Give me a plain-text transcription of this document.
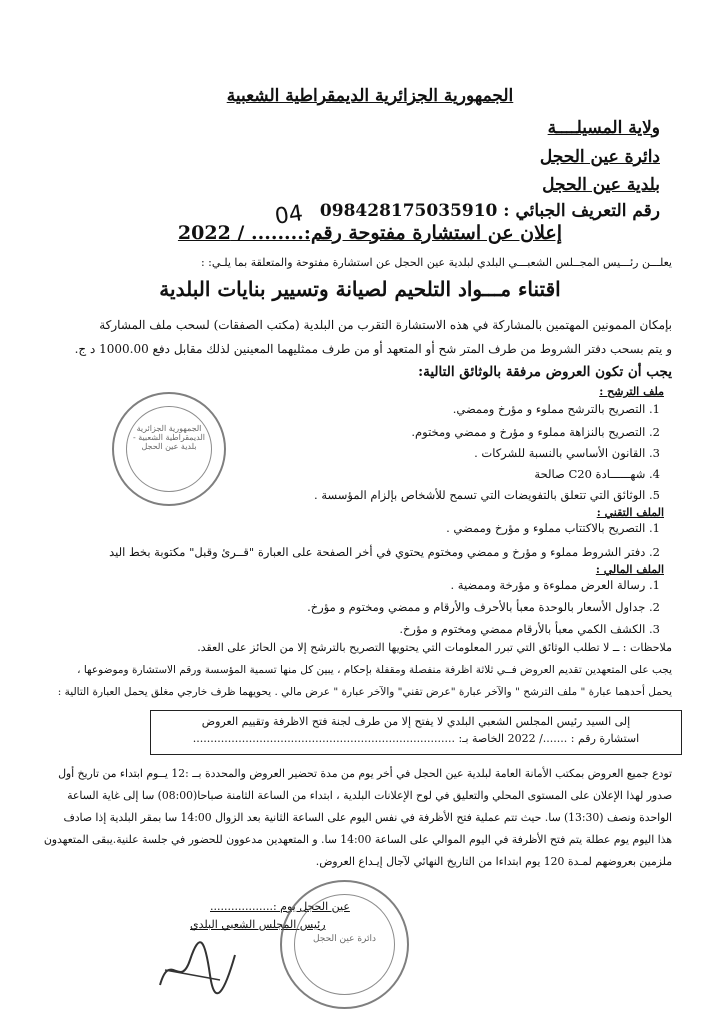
الجمهورية الجزائرية الديمقراطية الشعبية
ولاية المسيلــــة
دائرة عين الحجل
بلدية عين الحجل
رقم التعريف الجبائي : 098428175035910
04
إعلان عن استشارة مفتوحة رقم:........ / 2022
يعلـــن رئـــيس المجــلس الشعبـــي البلدي لبلدية عين الحجل عن استشارة مفتوحة والمتعلقة بما يلـي: :
اقتناء مـــواد التلحيم لصيانة وتسيير بنايات البلدية
بإمكان الممونين المهتمين بالمشاركة في هذه الاستشارة التقرب من البلدية (مكتب الصفقات) لسحب ملف المشاركة
و يتم بسحب دفتر الشروط من طرف المتر شح أو المتعهد أو من طرف ممثليهما المعينين لذلك مقابل دفع 1000.00 د ج.
يجب أن تكون العروض مرفقة بالوثائق التالية:
ملف الترشح :
1. التصريح بالترشح مملوء و مؤرخ وممضي.
2. التصريح بالنزاهة مملوء و مؤرخ و ممضي ومختوم.
3. القانون الأساسي بالنسبة للشركات .
4. شهــــــادة C20 صالحة
5. الوثائق التي تتعلق بالتفويضات التي تسمح للأشخاص بإلزام المؤسسة .
الملف التقني :
1. التصريح بالاكتتاب مملوء و مؤرخ وممضي .
2. دفتر الشروط مملوء و مؤرخ و ممضي ومختوم يحتوي في أخر الصفحة على العبارة "قــرئ وقبل" مكتوبة بخط اليد
الملف المالي :
1. رسالة العرض مملوءة و مؤرخة وممضية .
2. جداول الأسعار بالوحدة معبأ بالأحرف والأرقام و ممضي ومختوم و مؤرخ.
3. الكشف الكمي معبأ بالأرقام ممضي ومختوم و مؤرخ.
ملاحظات : ــ لا تطلب الوثائق التي تبرر المعلومات التي يحتويها التصريح بالترشح إلا من الحائز على العقد.
يجب على المتعهدين تقديم العروض فــي ثلاثة اظرفة منفصلة ومقفلة بإحكام ، يبين كل منها تسمية المؤسسة ورقم الاستشارة وموضوعها ،
يحمل أحدهما عبارة " ملف الترشح " والآخر عبارة "عرض تقني" والآخر عبارة " عرض مالي . يحويهما ظرف خارجي مغلق يحمل العبارة التالية :
إلى السيد رئيس المجلس الشعبي البلدي لا يفتح إلا من طرف لجنة فتح الاظرفة وتقييم العروض
استشارة رقم : ......./ 2022 الخاصة بـ: ...........................................................................
تودع جميع العروض بمكتب الأمانة العامة لبلدية عين الحجل في أخر يوم من مدة تحضير العروض والمحددة بــ :12 يــوم ابتداء من تاريخ أول
صدور لهذا الإعلان على المستوى المحلي والتعليق في لوح الإعلانات البلدية ، ابتداء من الساعة الثامنة صباحا(08:00) سا إلى غاية الساعة
الواحدة ونصف (13:30) سا. حيث تتم عملية فتح الأظرفة في نفس اليوم على الساعة الثانية بعد الزوال 14:00 سا بمقر البلدية إذا صادف
هذا اليوم يوم عطلة يتم فتح الأظرفة في اليوم الموالي على الساعة 14:00 سا. و المتعهدين مدعوون للحضور في جلسة علنية.يبقى المتعهدون
ملزمين بعروضهم لمـدة 120 يوم ابتداءا من التاريخ النهائي لآجال إيـداع العروض.
عين الحجل يوم :..................
رئيس المجلس الشعبي البلدي
الجمهورية الجزائرية الديمقراطية الشعبية - بلدية عين الحجل
دائرة عين الحجل
